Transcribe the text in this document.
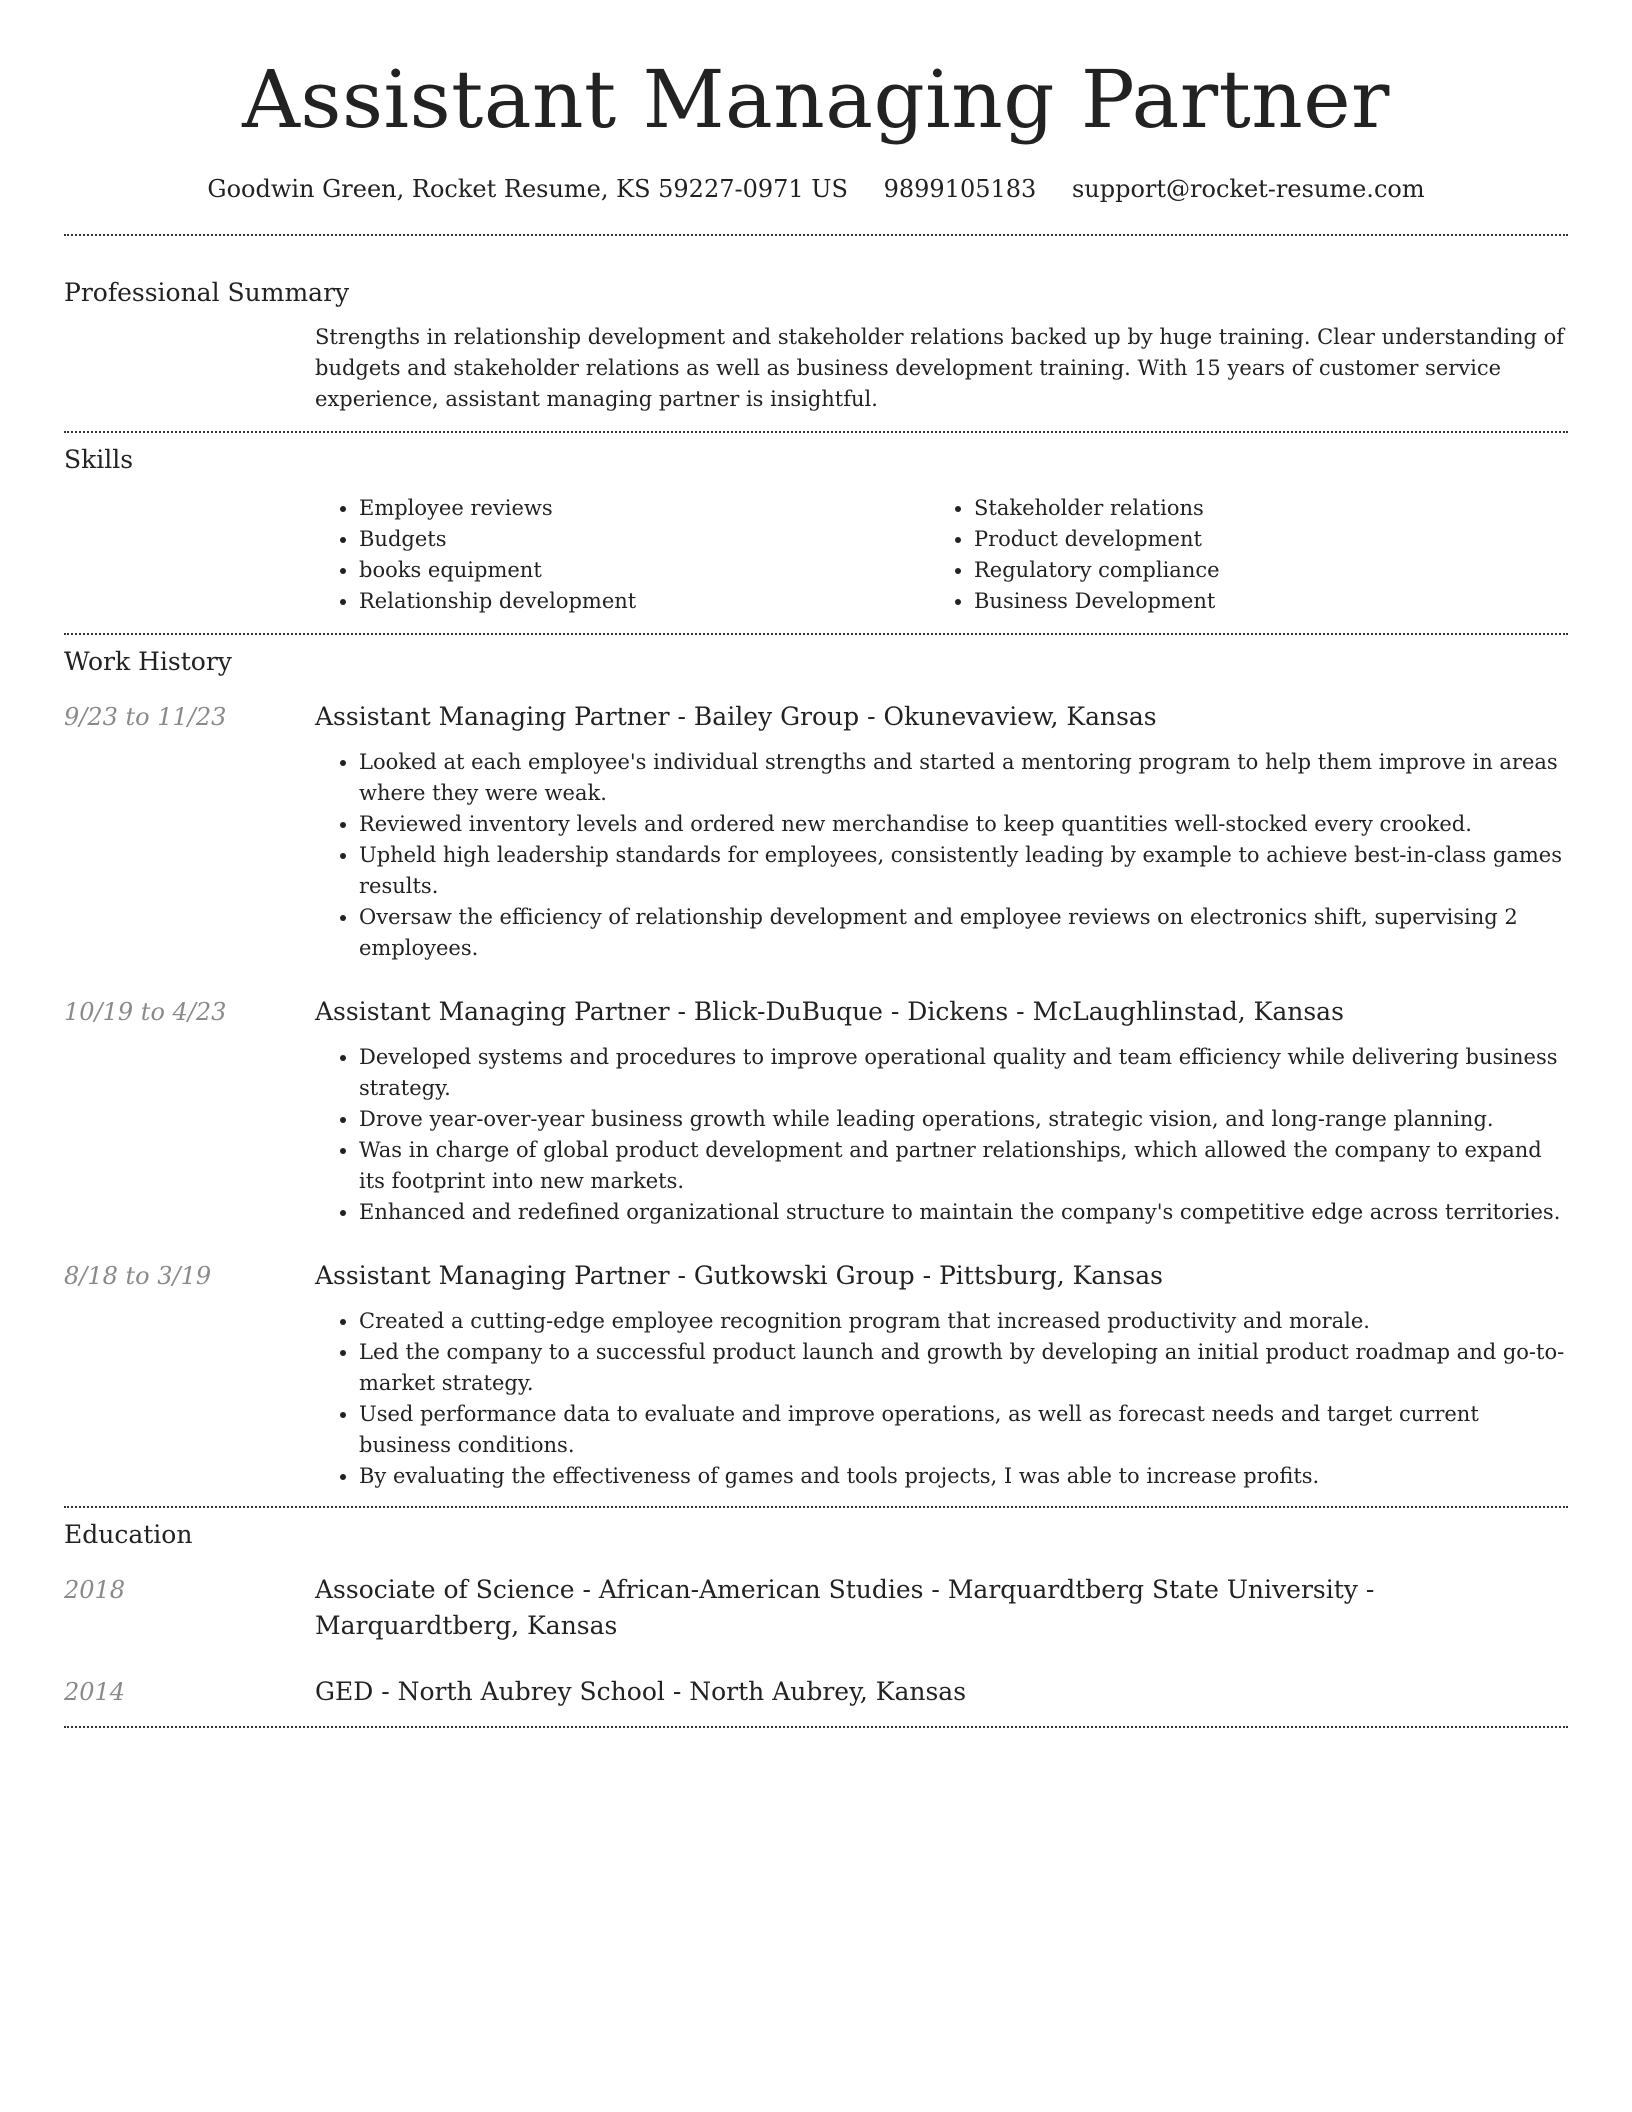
Assistant Managing Partner
Goodwin Green, Rocket Resume, KS 59227-0971 US 9899105183 support@rocket-resume.com
Professional Summary

Strengths in relationship development and stakeholder relations backed up by huge training. Clear understanding of budgets and stakeholder relations as well as business development training. With 15 years of customer service experience, assistant managing partner is insightful.

Skills
• Employee reviews
• Budgets
• books equipment
• Relationship development
• Stakeholder relations
• Product development
• Regulatory compliance
• Business Development
Work History
9/23 to 11/23	Assistant Managing Partner - Bailey Group - Okunevaview, Kansas
• Looked at each employee's individual strengths and started a mentoring program to help them improve in areas where they were weak.
• Reviewed inventory levels and ordered new merchandise to keep quantities well-stocked every crooked.
• Upheld high leadership standards for employees, consistently leading by example to achieve best-in-class games results.
• Oversaw the efficiency of relationship development and employee reviews on electronics shift, supervising 2 employees.
10/19 to 4/23	Assistant Managing Partner - Blick-DuBuque - Dickens - McLaughlinstad, Kansas
• Developed systems and procedures to improve operational quality and team efficiency while delivering business strategy.
• Drove year-over-year business growth while leading operations, strategic vision, and long-range planning.
• Was in charge of global product development and partner relationships, which allowed the company to expand its footprint into new markets.
• Enhanced and redefined organizational structure to maintain the company's competitive edge across territories.
8/18 to 3/19	Assistant Managing Partner - Gutkowski Group - Pittsburg, Kansas
• Created a cutting-edge employee recognition program that increased productivity and morale.
• Led the company to a successful product launch and growth by developing an initial product roadmap and go-to-market strategy.
• Used performance data to evaluate and improve operations, as well as forecast needs and target current business conditions.
• By evaluating the effectiveness of games and tools projects, I was able to increase profits.
Education
2018	Associate of Science - African-American Studies - Marquardtberg State University - Marquardtberg, Kansas
2014	GED - North Aubrey School - North Aubrey, Kansas
